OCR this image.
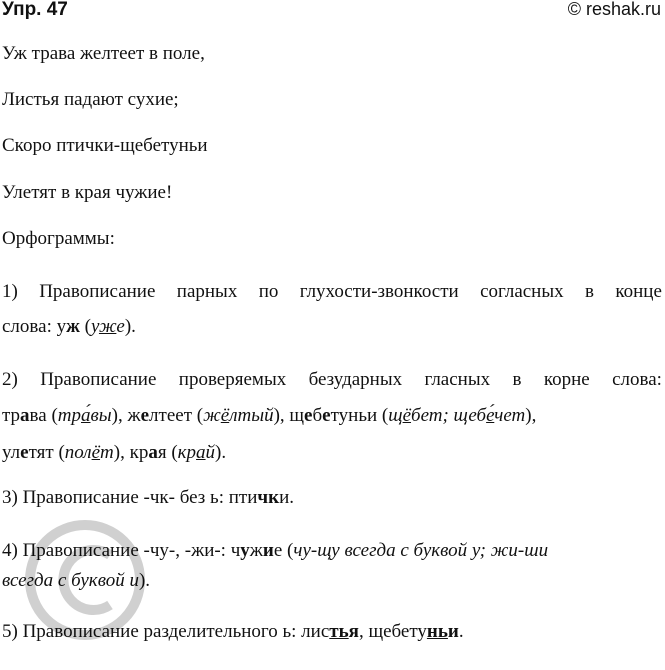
Упр. 47	© reshak.ru
Уж трава желтеет в поле,
Листья падают сухие;
Скоро птички-щебетуньи
Улетят в края чужие!
Орфограммы:
1) Правописание парных по глухости-звонкости согласных в конце
слова: уж (уже).
2) Правописание проверяемых безударных гласных в корне слова:
трава (тра́вы), желтеет (жёлтый), щебетуньи (щёбет; щебе́чет),
улетят (полёт), края (край).
3) Правописание -чк- без ь: птички.
4) Правописание -чу-, -жи-: чужие (чу-щу всегда с буквой у; жи-ши
всегда с буквой и).
5) Правописание разделительного ь: листья, щебетуньи.
